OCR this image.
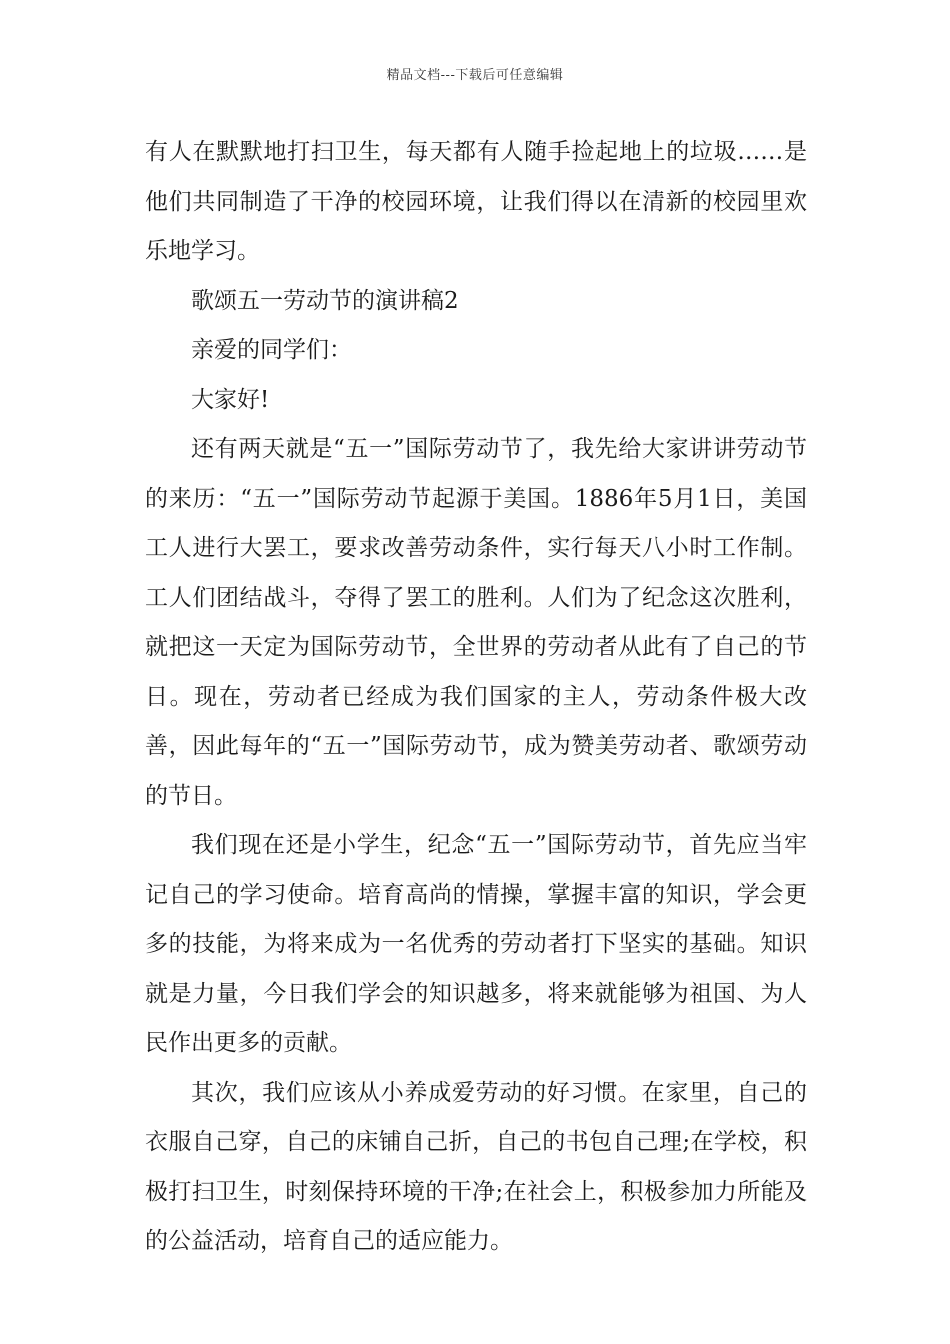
精品文档---下载后可任意编辑

有人在默默地打扫卫生，每天都有人随手捡起地上的垃圾……是他们共同制造了干净的校园环境，让我们得以在清新的校园里欢乐地学习。

歌颂五一劳动节的演讲稿2

亲爱的同学们：

大家好!

还有两天就是“五一”国际劳动节了，我先给大家讲讲劳动节的来历：“五一”国际劳动节起源于美国。1886年5月1日，美国工人进行大罢工，要求改善劳动条件，实行每天八小时工作制。工人们团结战斗，夺得了罢工的胜利。人们为了纪念这次胜利，就把这一天定为国际劳动节，全世界的劳动者从此有了自己的节日。现在，劳动者已经成为我们国家的主人，劳动条件极大改善，因此每年的“五一”国际劳动节，成为赞美劳动者、歌颂劳动的节日。

我们现在还是小学生，纪念“五一”国际劳动节，首先应当牢记自己的学习使命。培育高尚的情操，掌握丰富的知识，学会更多的技能，为将来成为一名优秀的劳动者打下坚实的基础。知识就是力量，今日我们学会的知识越多，将来就能够为祖国、为人民作出更多的贡献。

其次，我们应该从小养成爱劳动的好习惯。在家里，自己的衣服自己穿，自己的床铺自己折，自己的书包自己理;在学校，积极打扫卫生，时刻保持环境的干净;在社会上，积极参加力所能及的公益活动，培育自己的适应能力。
